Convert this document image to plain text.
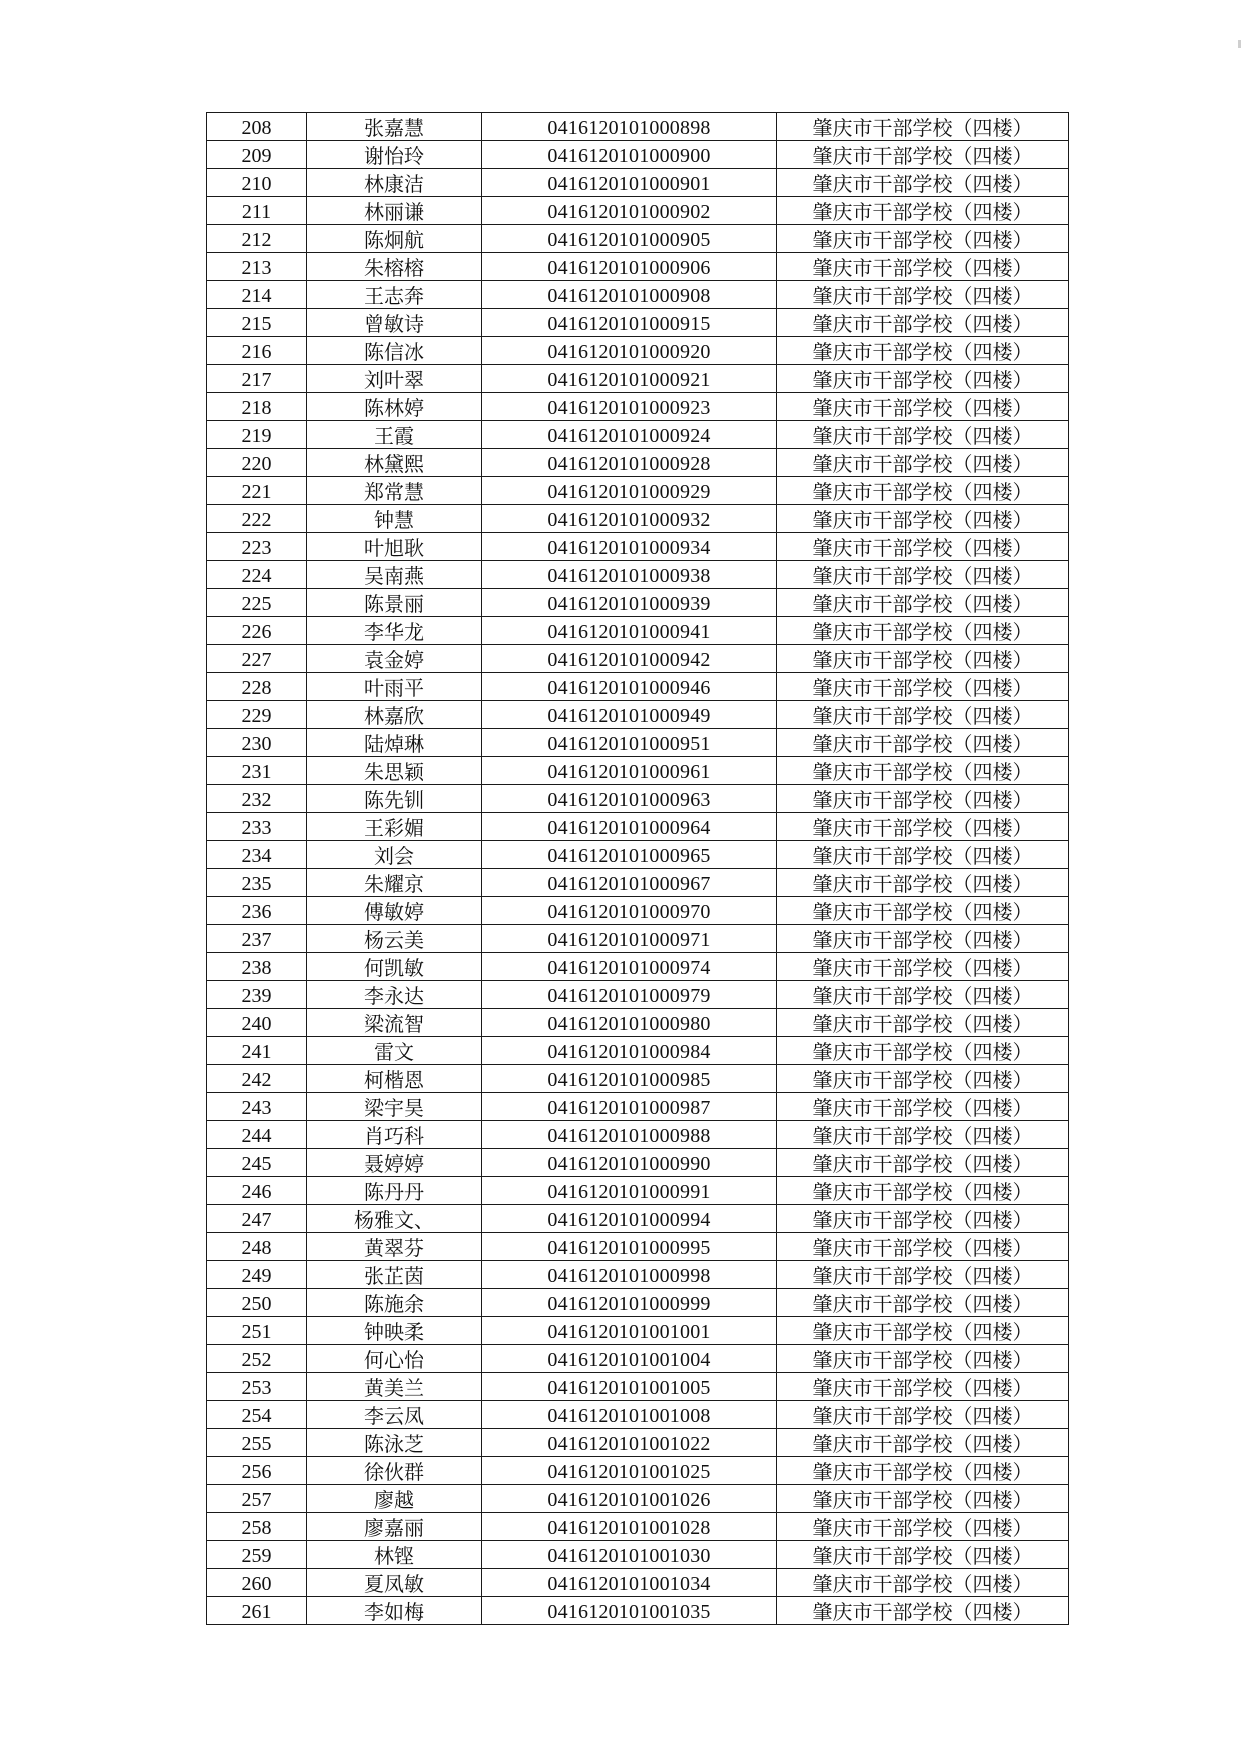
208	张嘉慧	0416120101000898	肇庆市干部学校（四楼）
209	谢怡玲	0416120101000900	肇庆市干部学校（四楼）
210	林康洁	0416120101000901	肇庆市干部学校（四楼）
211	林丽谦	0416120101000902	肇庆市干部学校（四楼）
212	陈炯航	0416120101000905	肇庆市干部学校（四楼）
213	朱榕榕	0416120101000906	肇庆市干部学校（四楼）
214	王志奔	0416120101000908	肇庆市干部学校（四楼）
215	曾敏诗	0416120101000915	肇庆市干部学校（四楼）
216	陈信冰	0416120101000920	肇庆市干部学校（四楼）
217	刘叶翠	0416120101000921	肇庆市干部学校（四楼）
218	陈林婷	0416120101000923	肇庆市干部学校（四楼）
219	王霞	0416120101000924	肇庆市干部学校（四楼）
220	林黛熙	0416120101000928	肇庆市干部学校（四楼）
221	郑常慧	0416120101000929	肇庆市干部学校（四楼）
222	钟慧	0416120101000932	肇庆市干部学校（四楼）
223	叶旭耿	0416120101000934	肇庆市干部学校（四楼）
224	吴南燕	0416120101000938	肇庆市干部学校（四楼）
225	陈景丽	0416120101000939	肇庆市干部学校（四楼）
226	李华龙	0416120101000941	肇庆市干部学校（四楼）
227	袁金婷	0416120101000942	肇庆市干部学校（四楼）
228	叶雨平	0416120101000946	肇庆市干部学校（四楼）
229	林嘉欣	0416120101000949	肇庆市干部学校（四楼）
230	陆焯琳	0416120101000951	肇庆市干部学校（四楼）
231	朱思颖	0416120101000961	肇庆市干部学校（四楼）
232	陈先钏	0416120101000963	肇庆市干部学校（四楼）
233	王彩媚	0416120101000964	肇庆市干部学校（四楼）
234	刘会	0416120101000965	肇庆市干部学校（四楼）
235	朱耀京	0416120101000967	肇庆市干部学校（四楼）
236	傅敏婷	0416120101000970	肇庆市干部学校（四楼）
237	杨云美	0416120101000971	肇庆市干部学校（四楼）
238	何凯敏	0416120101000974	肇庆市干部学校（四楼）
239	李永达	0416120101000979	肇庆市干部学校（四楼）
240	梁流智	0416120101000980	肇庆市干部学校（四楼）
241	雷文	0416120101000984	肇庆市干部学校（四楼）
242	柯楷恩	0416120101000985	肇庆市干部学校（四楼）
243	梁宇昊	0416120101000987	肇庆市干部学校（四楼）
244	肖巧科	0416120101000988	肇庆市干部学校（四楼）
245	聂婷婷	0416120101000990	肇庆市干部学校（四楼）
246	陈丹丹	0416120101000991	肇庆市干部学校（四楼）
247	杨雅文、	0416120101000994	肇庆市干部学校（四楼）
248	黄翠芬	0416120101000995	肇庆市干部学校（四楼）
249	张芷茵	0416120101000998	肇庆市干部学校（四楼）
250	陈施余	0416120101000999	肇庆市干部学校（四楼）
251	钟映柔	0416120101001001	肇庆市干部学校（四楼）
252	何心怡	0416120101001004	肇庆市干部学校（四楼）
253	黄美兰	0416120101001005	肇庆市干部学校（四楼）
254	李云凤	0416120101001008	肇庆市干部学校（四楼）
255	陈泳芝	0416120101001022	肇庆市干部学校（四楼）
256	徐伙群	0416120101001025	肇庆市干部学校（四楼）
257	廖越	0416120101001026	肇庆市干部学校（四楼）
258	廖嘉丽	0416120101001028	肇庆市干部学校（四楼）
259	林铿	0416120101001030	肇庆市干部学校（四楼）
260	夏凤敏	0416120101001034	肇庆市干部学校（四楼）
261	李如梅	0416120101001035	肇庆市干部学校（四楼）
